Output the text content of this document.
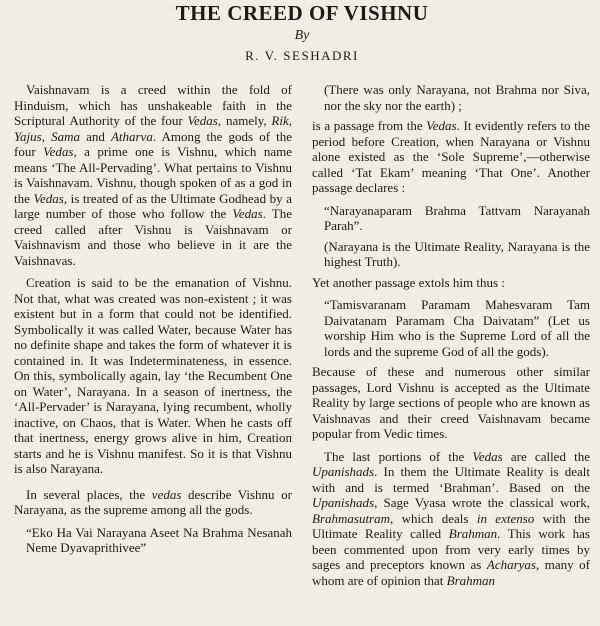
THE CREED OF VISHNU
By
R. V. SESHADRI

Vaishnavam is a creed within the fold of Hinduism, which has unshakeable faith in the Scriptural Authority of the four Vedas, namely, Rik, Yajus, Sama and Atharva. Among the gods of the four Vedas, a prime one is Vishnu, which name means ‘The All-Pervading’. What pertains to Vishnu is Vaishnavam. Vishnu, though spoken of as a god in the Vedas, is treated of as the Ultimate Godhead by a large number of those who follow the Vedas. The creed called after Vishnu is Vaishnavam or Vaishnavism and those who believe in it are the Vaishnavas.

Creation is said to be the emanation of Vishnu. Not that, what was created was non-existent ; it was existent but in a form that could not be identified. Symbolically it was called Water, because Water has no definite shape and takes the form of whatever it is contained in. It was Indeterminateness, in essence. On this, symbolically again, lay ‘the Recumbent One on Water’, Narayana. In a season of inertness, the ‘All-Pervader’ is Narayana, lying recumbent, wholly inactive, on Chaos, that is Water. When he casts off that inertness, energy grows alive in him, Creation starts and he is Vishnu manifest. So it is that Vishnu is also Narayana.

In several places, the vedas describe Vishnu or Narayana, as the supreme among all the gods.

“Eko Ha Vai Narayana Aseet Na Brahma Nesanah Neme Dyavaprithivee”

(There was only Narayana, not Brahma nor Siva, nor the sky nor the earth) ;

is a passage from the Vedas. It evidently refers to the period before Creation, when Narayana or Vishnu alone existed as the ‘Sole Supreme’,—otherwise called ‘Tat Ekam’ meaning ‘That One’. Another passage declares :

“Narayanaparam Brahma Tattvam Narayanah Parah”.

(Narayana is the Ultimate Reality, Narayana is the highest Truth).

Yet another passage extols him thus :

“Tamisvaranam Paramam Mahesvaram Tam Daivatanam Paramam Cha Daivatam” (Let us worship Him who is the Supreme Lord of all the lords and the supreme God of all the gods).

Because of these and numerous other similar passages, Lord Vishnu is accepted as the Ultimate Reality by large sections of people who are known as Vaishnavas and their creed Vaishnavam became popular from Vedic times.

The last portions of the Vedas are called the Upanishads. In them the Ultimate Reality is dealt with and is termed ‘Brahman’. Based on the Upanishads, Sage Vyasa wrote the classical work, Brahmasutram, which deals in extenso with the Ultimate Reality called Brahman. This work has been commented upon from very early times by sages and preceptors known as Acharyas, many of whom are of opinion that Brahman
